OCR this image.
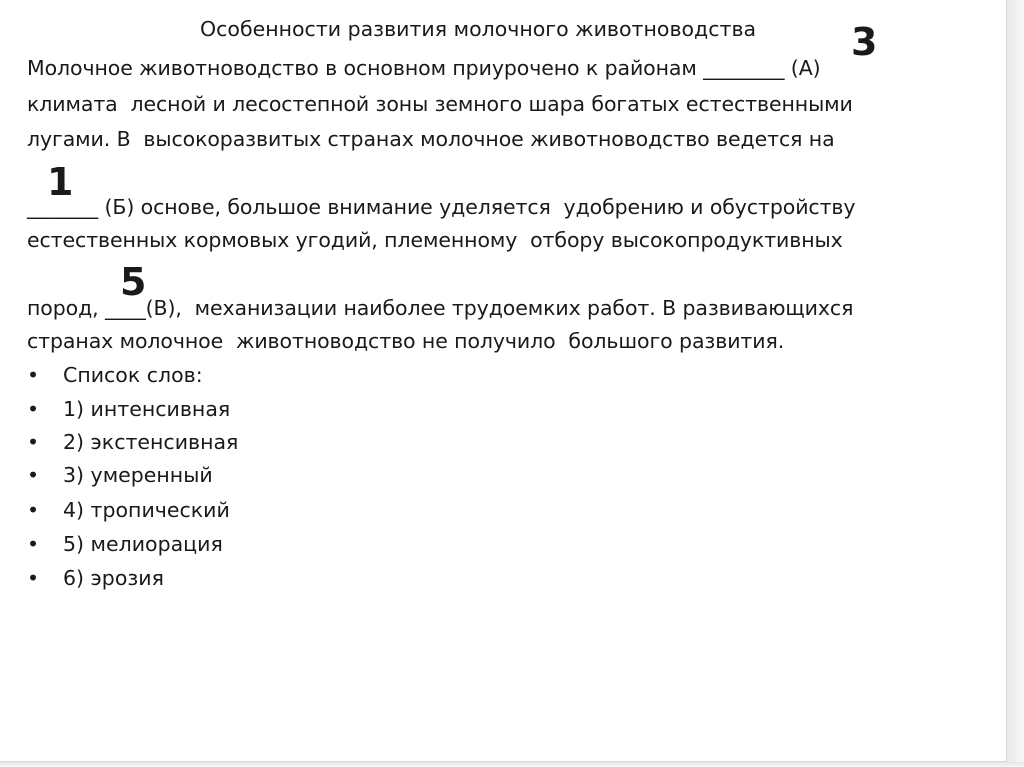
Особенности развития молочного животноводства 3
1
5
Молочное животноводство в основном приурочено к районам ________ (А)
климата  лесной и лесостепной зоны земного шара богатых естественными
лугами. В  высокоразвитых странах молочное животноводство ведется на
_______ (Б) основе, большое внимание уделяется  удобрению и обустройству
естественных кормовых угодий, племенному  отбору высокопродуктивных
пород, ____(В),  механизации наиболее трудоемких работ. В развивающихся
странах молочное  животноводство не получило  большого развития.
• Список слов:
• 1) интенсивная
• 2) экстенсивная
• 3) умеренный
• 4) тропический
• 5) мелиорация
• 6) эрозия
